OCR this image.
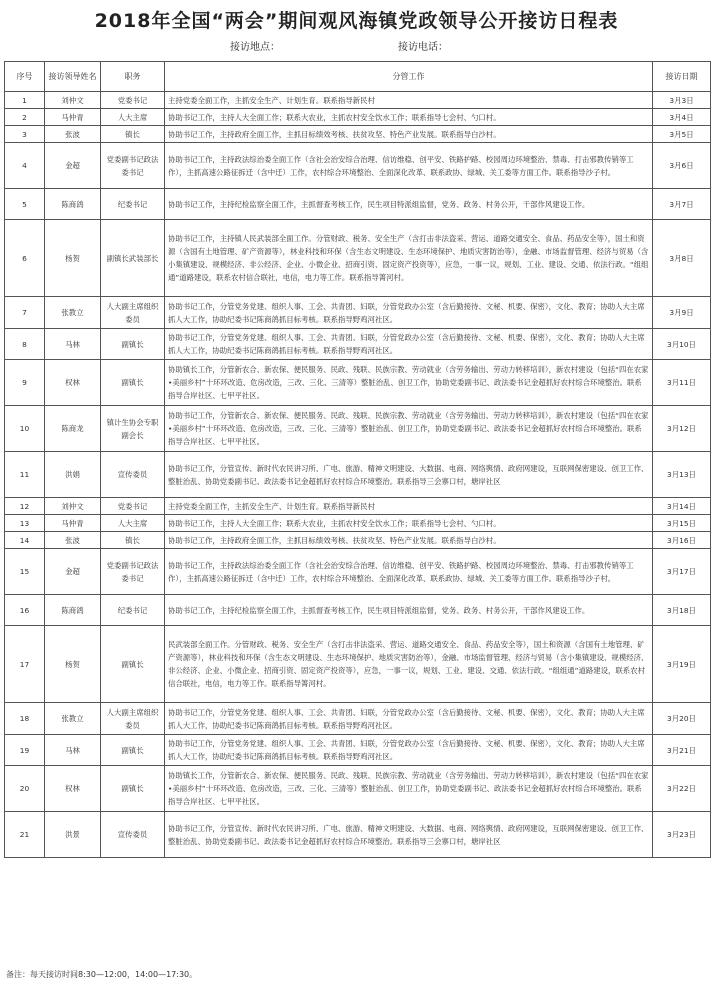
2018年全国“两会”期间观风海镇党政领导公开接访日程表
接访地点：	接访电话：
序号	接访领导姓名	职务	分管工作	接访日期
1	刘仲文	党委书记	主持党委全面工作，主抓安全生产、计划生育。联系指导新民村	3月3日
2	马仲青	人大主席	协助书记工作，主持人大全面工作；联系大农业，主抓农村安全饮水工作；联系指导七会村、勺口村。	3月4日
3	张波	镇长	协助书记工作，主持政府全面工作，主抓目标绩效考核、扶贫攻坚、特色产业发展。联系指导白沙村。	3月5日
4	金超	党委副书记政法委书记	协助书记工作，主持政法综治委全面工作（含社会治安综合治理、信访维稳、创平安、铁路护路、校园周边环境整治、禁毒、打击邪教传销等工作），主抓高速公路征拆迁（含中迁）工作，农村综合环境整治、全面深化改革、联系政协、绿城、关工委等方面工作。联系指导沙子村。	3月6日
5	陈商鸽	纪委书记	协助书记工作，主持纪检监察全面工作，主抓督查考核工作，民生项目特派组监督，党务、政务、村务公开，干部作风建设工作。	3月7日
6	杨贺	副镇长武装部长	协助书记工作，主持镇人民武装部全面工作。分管财政、税务、安全生产（含打击非法盗采、营运、道路交通安全、食品、药品安全等），国土和资源（含国有土地管理、矿产资源等），林业科技和环保（含生态文明建设、生态环境保护、地质灾害防治等），金融、市场监督管理、经济与贸易（含小集镇建设、规模经济、非公经济、企业、小微企业、招商引资、固定资产投资等），应急，一事一议，规划、工业、建设、交通、依法行政。“组组通”道路建设，联系农村信合联社，电信，电力等工作。联系指导箐河村。	3月8日
7	张教立	人大副主席组织委员	协助书记工作，分管党务党建、组织人事、工会、共青团、妇联，分管党政办公室（含后勤接待、文秘、机要、保密），文化、教育；协助人大主席抓人大工作，协助纪委书记陈商鸽抓目标考核。联系指导野鸡河社区。	3月9日
8	马林	副镇长	协助书记工作，分管党务党建、组织人事、工会、共青团、妇联，分管党政办公室（含后勤接待、文秘、机要、保密），文化、教育；协助人大主席抓人大工作，协助纪委书记陈商鸽抓目标考核。联系指导野鸡河社区。	3月10日
9	权林	副镇长	协助镇长工作，分管新农合、新农保、便民服务、民政、残联、民族宗教、劳动就业（含劳务输出、劳动力转移培训），新农村建设（包括“四在农家•美丽乡村”十环环改造、危房改造，三改、三化、三清等）整脏治乱、创卫工作，协助党委副书记、政法委书记金超抓好农村综合环境整治。联系指导合岸社区、七甲平社区。	3月11日
10	陈商龙	镇计生协会专职副会长	协助书记工作，分管新农合、新农保、便民服务、民政、残联、民族宗教、劳动就业（含劳务输出、劳动力转移培训），新农村建设（包括“四在农家•美丽乡村”十环环改造、危房改造，三改、三化、三清等）整脏治乱、创卫工作，协助党委副书记、政法委书记金超抓好农村综合环境整治。联系指导合岸社区、七甲平社区。	3月12日
11	洪娟	宣传委员	协助书记工作，分管宣传、新时代农民讲习所、广电、旅游、精神文明建设、大数据、电商、网络舆情、政府网建设，互联网保密建设、创卫工作、整脏治乱、协助党委副书记、政法委书记金超抓好农村综合环境整治。联系指导三会寨口村，塘岸社区	3月13日
12	刘仲文	党委书记	主持党委全面工作，主抓安全生产、计划生育。联系指导新民村	3月14日
13	马仲青	人大主席	协助书记工作，主持人大全面工作；联系大农业，主抓农村安全饮水工作；联系指导七会村、勺口村。	3月15日
14	张波	镇长	协助书记工作，主持政府全面工作，主抓目标绩效考核、扶贫攻坚、特色产业发展。联系指导白沙村。	3月16日
15	金超	党委副书记政法委书记	协助书记工作，主持政法综治委全面工作（含社会治安综合治理、信访维稳、创平安、铁路护路、校园周边环境整治、禁毒、打击邪教传销等工作），主抓高速公路征拆迁（含中迁）工作，农村综合环境整治、全面深化改革、联系政协、绿城、关工委等方面工作。联系指导沙子村。	3月17日
16	陈商鸽	纪委书记	协助书记工作，主持纪检监察全面工作，主抓督查考核工作，民生项目特派组监督，党务、政务、村务公开，干部作风建设工作。	3月18日
17	杨贺	副镇长	民武装部全面工作。分管财政、税务、安全生产（含打击非法盗采、营运、道路交通安全、食品、药品安全等），国土和资源（含国有土地管理、矿产资源等），林业科技和环保（含生态文明建设、生态环境保护、地质灾害防治等），金融、市场监督管理、经济与贸易（含小集镇建设、规模经济、非公经济、企业、小微企业、招商引资、固定资产投资等），应急，一事一议，规划、工业、建设、交通、依法行政。“组组通”道路建设，联系农村信合联社，电信，电力等工作。联系指导箐河村。	3月19日
18	张教立	人大副主席组织委员	协助书记工作，分管党务党建、组织人事、工会、共青团、妇联，分管党政办公室（含后勤接待、文秘、机要、保密），文化、教育；协助人大主席抓人大工作，协助纪委书记陈商鸽抓目标考核。联系指导野鸡河社区。	3月20日
19	马林	副镇长	协助书记工作，分管党务党建、组织人事、工会、共青团、妇联，分管党政办公室（含后勤接待、文秘、机要、保密），文化、教育；协助人大主席抓人大工作，协助纪委书记陈商鸽抓目标考核。联系指导野鸡河社区。	3月21日
20	权林	副镇长	协助镇长工作，分管新农合、新农保、便民服务、民政、残联、民族宗教、劳动就业（含劳务输出、劳动力转移培训），新农村建设（包括“四在农家•美丽乡村”十环环改造、危房改造，三改、三化、三清等）整脏治乱、创卫工作，协助党委副书记、政法委书记金超抓好农村综合环境整治。联系指导合岸社区、七甲平社区。	3月22日
21	洪景	宣传委员	协助书记工作，分管宣传、新时代农民讲习所、广电、旅游、精神文明建设、大数据、电商、网络舆情、政府网建设，互联网保密建设、创卫工作、整脏治乱、协助党委副书记、政法委书记金超抓好农村综合环境整治。联系指导三会寨口村，塘岸社区	3月23日
备注：每天接访时间8:30—12:00，14:00—17:30。
